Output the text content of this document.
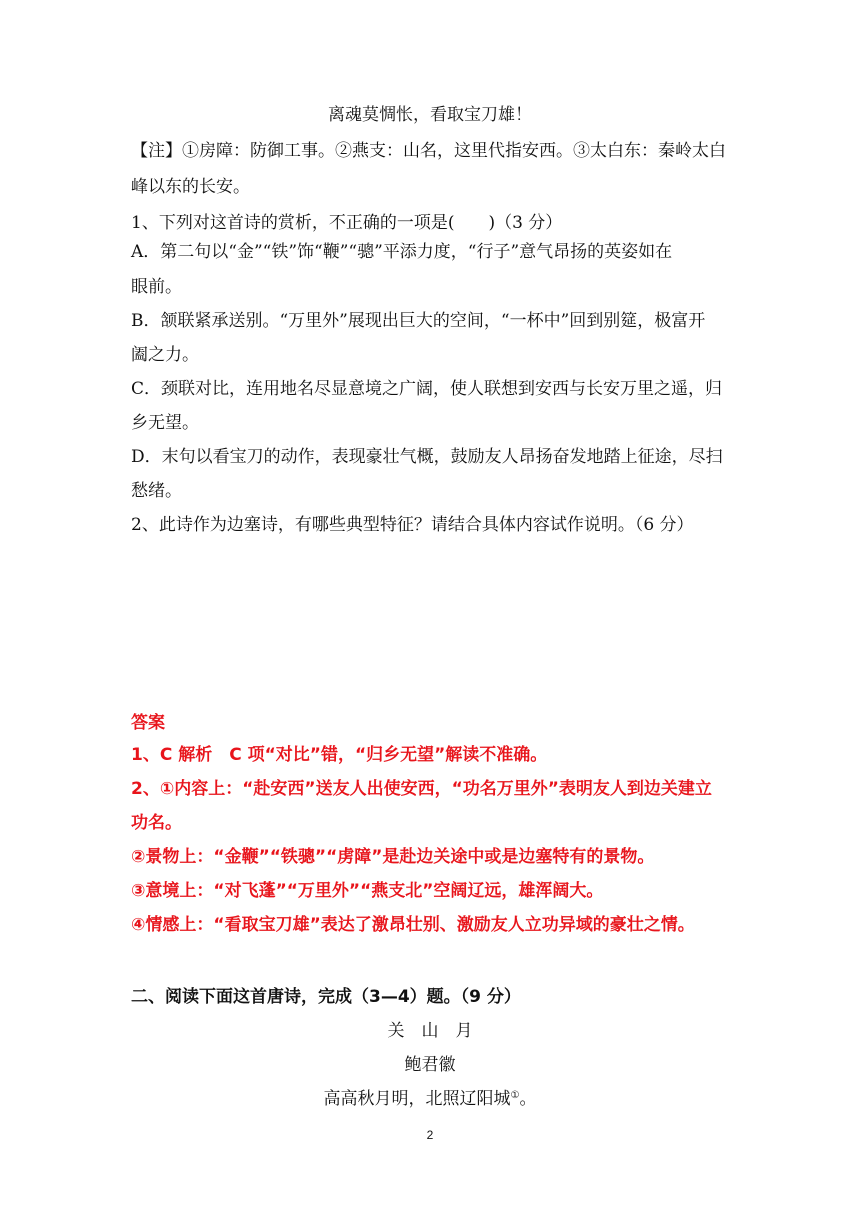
离魂莫惆怅，看取宝刀雄！
【注】①房障：防御工事。②燕支：山名，这里代指安西。③太白东：秦岭太白
峰以东的长安。
1、下列对这首诗的赏析，不正确的一项是(　　)（3 分）
A．第二句以“金”“铁”饰“鞭”“骢”平添力度，“行子”意气昂扬的英姿如在
眼前。
B．颔联紧承送别。“万里外”展现出巨大的空间，“一杯中”回到别筵，极富开
阖之力。
C．颈联对比，连用地名尽显意境之广阔，使人联想到安西与长安万里之遥，归
乡无望。
D．末句以看宝刀的动作，表现豪壮气概，鼓励友人昂扬奋发地踏上征途，尽扫
愁绪。
2、此诗作为边塞诗，有哪些典型特征？请结合具体内容试作说明。（6 分）
答案
1、C 解析　C 项“对比”错，“归乡无望”解读不准确。
2、①内容上：“赴安西”送友人出使安西，“功名万里外”表明友人到边关建立
功名。
②景物上：“金鞭”“铁骢”“虏障”是赴边关途中或是边塞特有的景物。
③意境上：“对飞蓬”“万里外”“燕支北”空阔辽远，雄浑阔大。
④情感上：“看取宝刀雄”表达了激昂壮别、激励友人立功异域的豪壮之情。
二、阅读下面这首唐诗，完成（3—4）题。（9 分）
关　山　月
鲍君徽
高高秋月明，北照辽阳城①。
2
